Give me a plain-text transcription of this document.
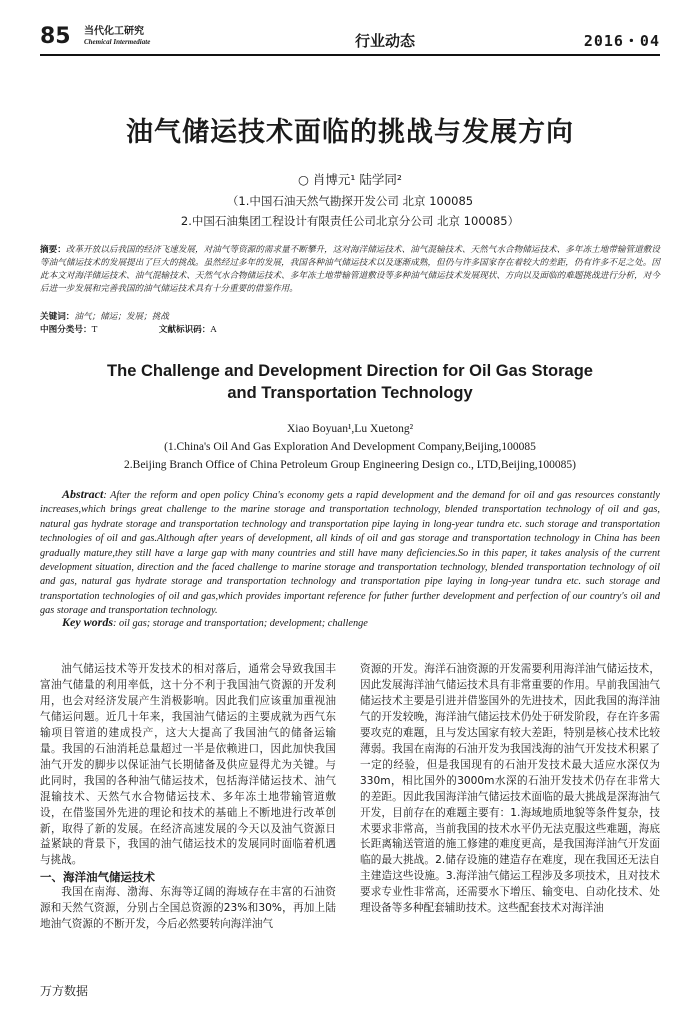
85 当代化工研究
Chemical Intermediate	行业动态	2016・04
油气储运技术面临的挑战与发展方向
○ 肖博元¹ 陆学同²
（1.中国石油天然气勘探开发公司 北京 100085
2.中国石油集团工程设计有限责任公司北京分公司 北京 100085）
摘要：改革开放以后我国的经济飞速发展，对油气等资源的需求量不断攀升，这对海洋储运技术、油气混输技术、天然气水合物储运技术、多年冻土地带输管道敷设等油气储运技术的发展提出了巨大的挑战。虽然经过多年的发展，我国各种油气储运技术以及逐渐成熟，但仍与许多国家存在着较大的差距，仍有许多不足之处。因此本文对海洋储运技术、油气混输技术、天然气水合物储运技术、多年冻土地带输管道敷设等多种油气储运技术发展现状、方向以及面临的难题挑战进行分析，对今后进一步发展和完善我国的油气储运技术具有十分重要的借鉴作用。
关键词：油气；储运；发展；挑战
中图分类号：T	文献标识码：A
The Challenge and Development Direction for Oil Gas Storage
and Transportation Technology
Xiao Boyuan¹,Lu Xuetong²
(1.China's Oil And Gas Exploration And Development Company,Beijing,100085
2.Beijing Branch Office of China Petroleum Group Engineering Design co., LTD,Beijing,100085)
Abstract: After the reform and open policy China's economy gets a rapid development and the demand for oil and gas resources constantly increases,which brings great challenge to the marine storage and transportation technology, blended transportation technology of oil and gas, natural gas hydrate storage and transportation technology and transportation pipe laying in long-year tundra etc. such storage and transportation technologies of oil and gas.Although after years of development, all kinds of oil and gas storage and transportation technology in China has been gradually mature,they still have a large gap with many countries and still have many deficiencies.So in this paper, it takes analysis of the current development situation, direction and the faced challenge to marine storage and transportation technology, blended transportation technology of oil and gas, natural gas hydrate storage and transportation technology and transportation pipe laying in long-year tundra etc. such storage and transportation technologies of oil and gas,which provides important reference for futher further development and perfection of our country's oil and gas storage and transportation technology.
Key words: oil gas; storage and transportation; development; challenge

油气储运技术等开发技术的相对落后，通常会导致我国丰富油气储量的利用率低，这十分不利于我国油气资源的开发利用，也会对经济发展产生消极影响。因此我们应该重加重视油气储运问题。近几十年来，我国油气储运的主要成就为西气东输项目管道的建成投产，这大大提高了我国油气的储备运输量。我国的石油消耗总量超过一半是依赖进口，因此加快我国油气开发的脚步以保证油气长期储备及供应显得尤为关键。与此同时，我国的各种油气储运技术，包括海洋储运技术、油气混输技术、天然气水合物储运技术、多年冻土地带输管道敷设，在借鉴国外先进的理论和技术的基础上不断地进行改革创新，取得了新的发展。在经济高速发展的今天以及油气资源日益紧缺的背景下，我国的油气储运技术的发展同时面临着机遇与挑战。

一、海洋油气储运技术

我国在南海、渤海、东海等辽阔的海域存在丰富的石油资源和天然气资源，分别占全国总资源的23%和30%，再加上陆地油气资源的不断开发，今后必然要转向海洋油气

资源的开发。海洋石油资源的开发需要利用海洋油气储运技术，因此发展海洋油气储运技术具有非常重要的作用。早前我国油气储运技术主要是引进并借鉴国外的先进技术，因此我国的海洋油气的开发较晚，海洋油气储运技术仍处于研发阶段，存在许多需要攻克的难题，且与发达国家有较大差距，特别是核心技术比较薄弱。我国在南海的石油开发为我国浅海的油气开发技术积累了一定的经验，但是我国现有的石油开发技术最大适应水深仅为330m，相比国外的3000m水深的石油开发技术仍存在非常大的差距。因此我国海洋油气储运技术面临的最大挑战是深海油气开发，目前存在的难题主要有：1.海域地质地貌等条件复杂，技术要求非常高，当前我国的技术水平仍无法克服这些难题，海底长距离输送管道的施工修建的难度更高，是我国海洋油气开发面临的最大挑战。2.储存设施的建造存在难度，现在我国还无法自主建造这些设施。3.海洋油气储运工程涉及多项技术，且对技术要求专业性非常高，还需要水下增压、输变电、自动化技术、处理设备等多种配套辅助技术。这些配套技术对海洋油

万方数据
